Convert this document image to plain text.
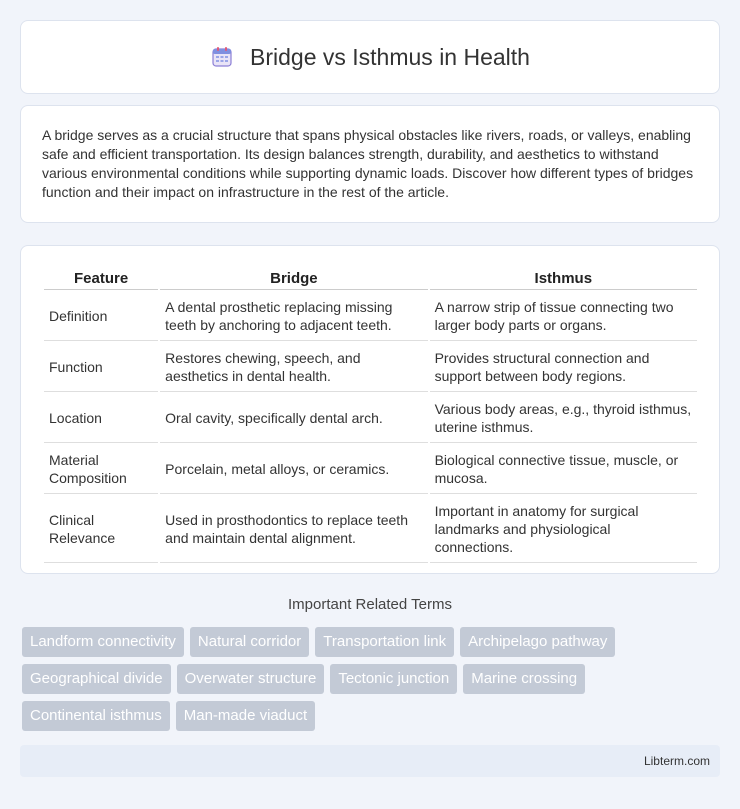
Bridge vs Isthmus in Health

A bridge serves as a crucial structure that spans physical obstacles like rivers, roads, or valleys, enabling safe and efficient transportation. Its design balances strength, durability, and aesthetics to withstand various environmental conditions while supporting dynamic loads. Discover how different types of bridges function and their impact on infrastructure in the rest of the article.

Feature	Bridge	Isthmus
Definition	A dental prosthetic replacing missing teeth by anchoring to adjacent teeth.	A narrow strip of tissue connecting two larger body parts or organs.
Function	Restores chewing, speech, and aesthetics in dental health.	Provides structural connection and support between body regions.
Location	Oral cavity, specifically dental arch.	Various body areas, e.g., thyroid isthmus, uterine isthmus.
Material Composition	Porcelain, metal alloys, or ceramics.	Biological connective tissue, muscle, or mucosa.
Clinical Relevance	Used in prosthodontics to replace teeth and maintain dental alignment.	Important in anatomy for surgical landmarks and physiological connections.
Important Related Terms
Landform connectivity	Natural corridor	Transportation link	Archipelago pathway
Geographical divide	Overwater structure	Tectonic junction	Marine crossing
Continental isthmus	Man-made viaduct
Libterm.com
